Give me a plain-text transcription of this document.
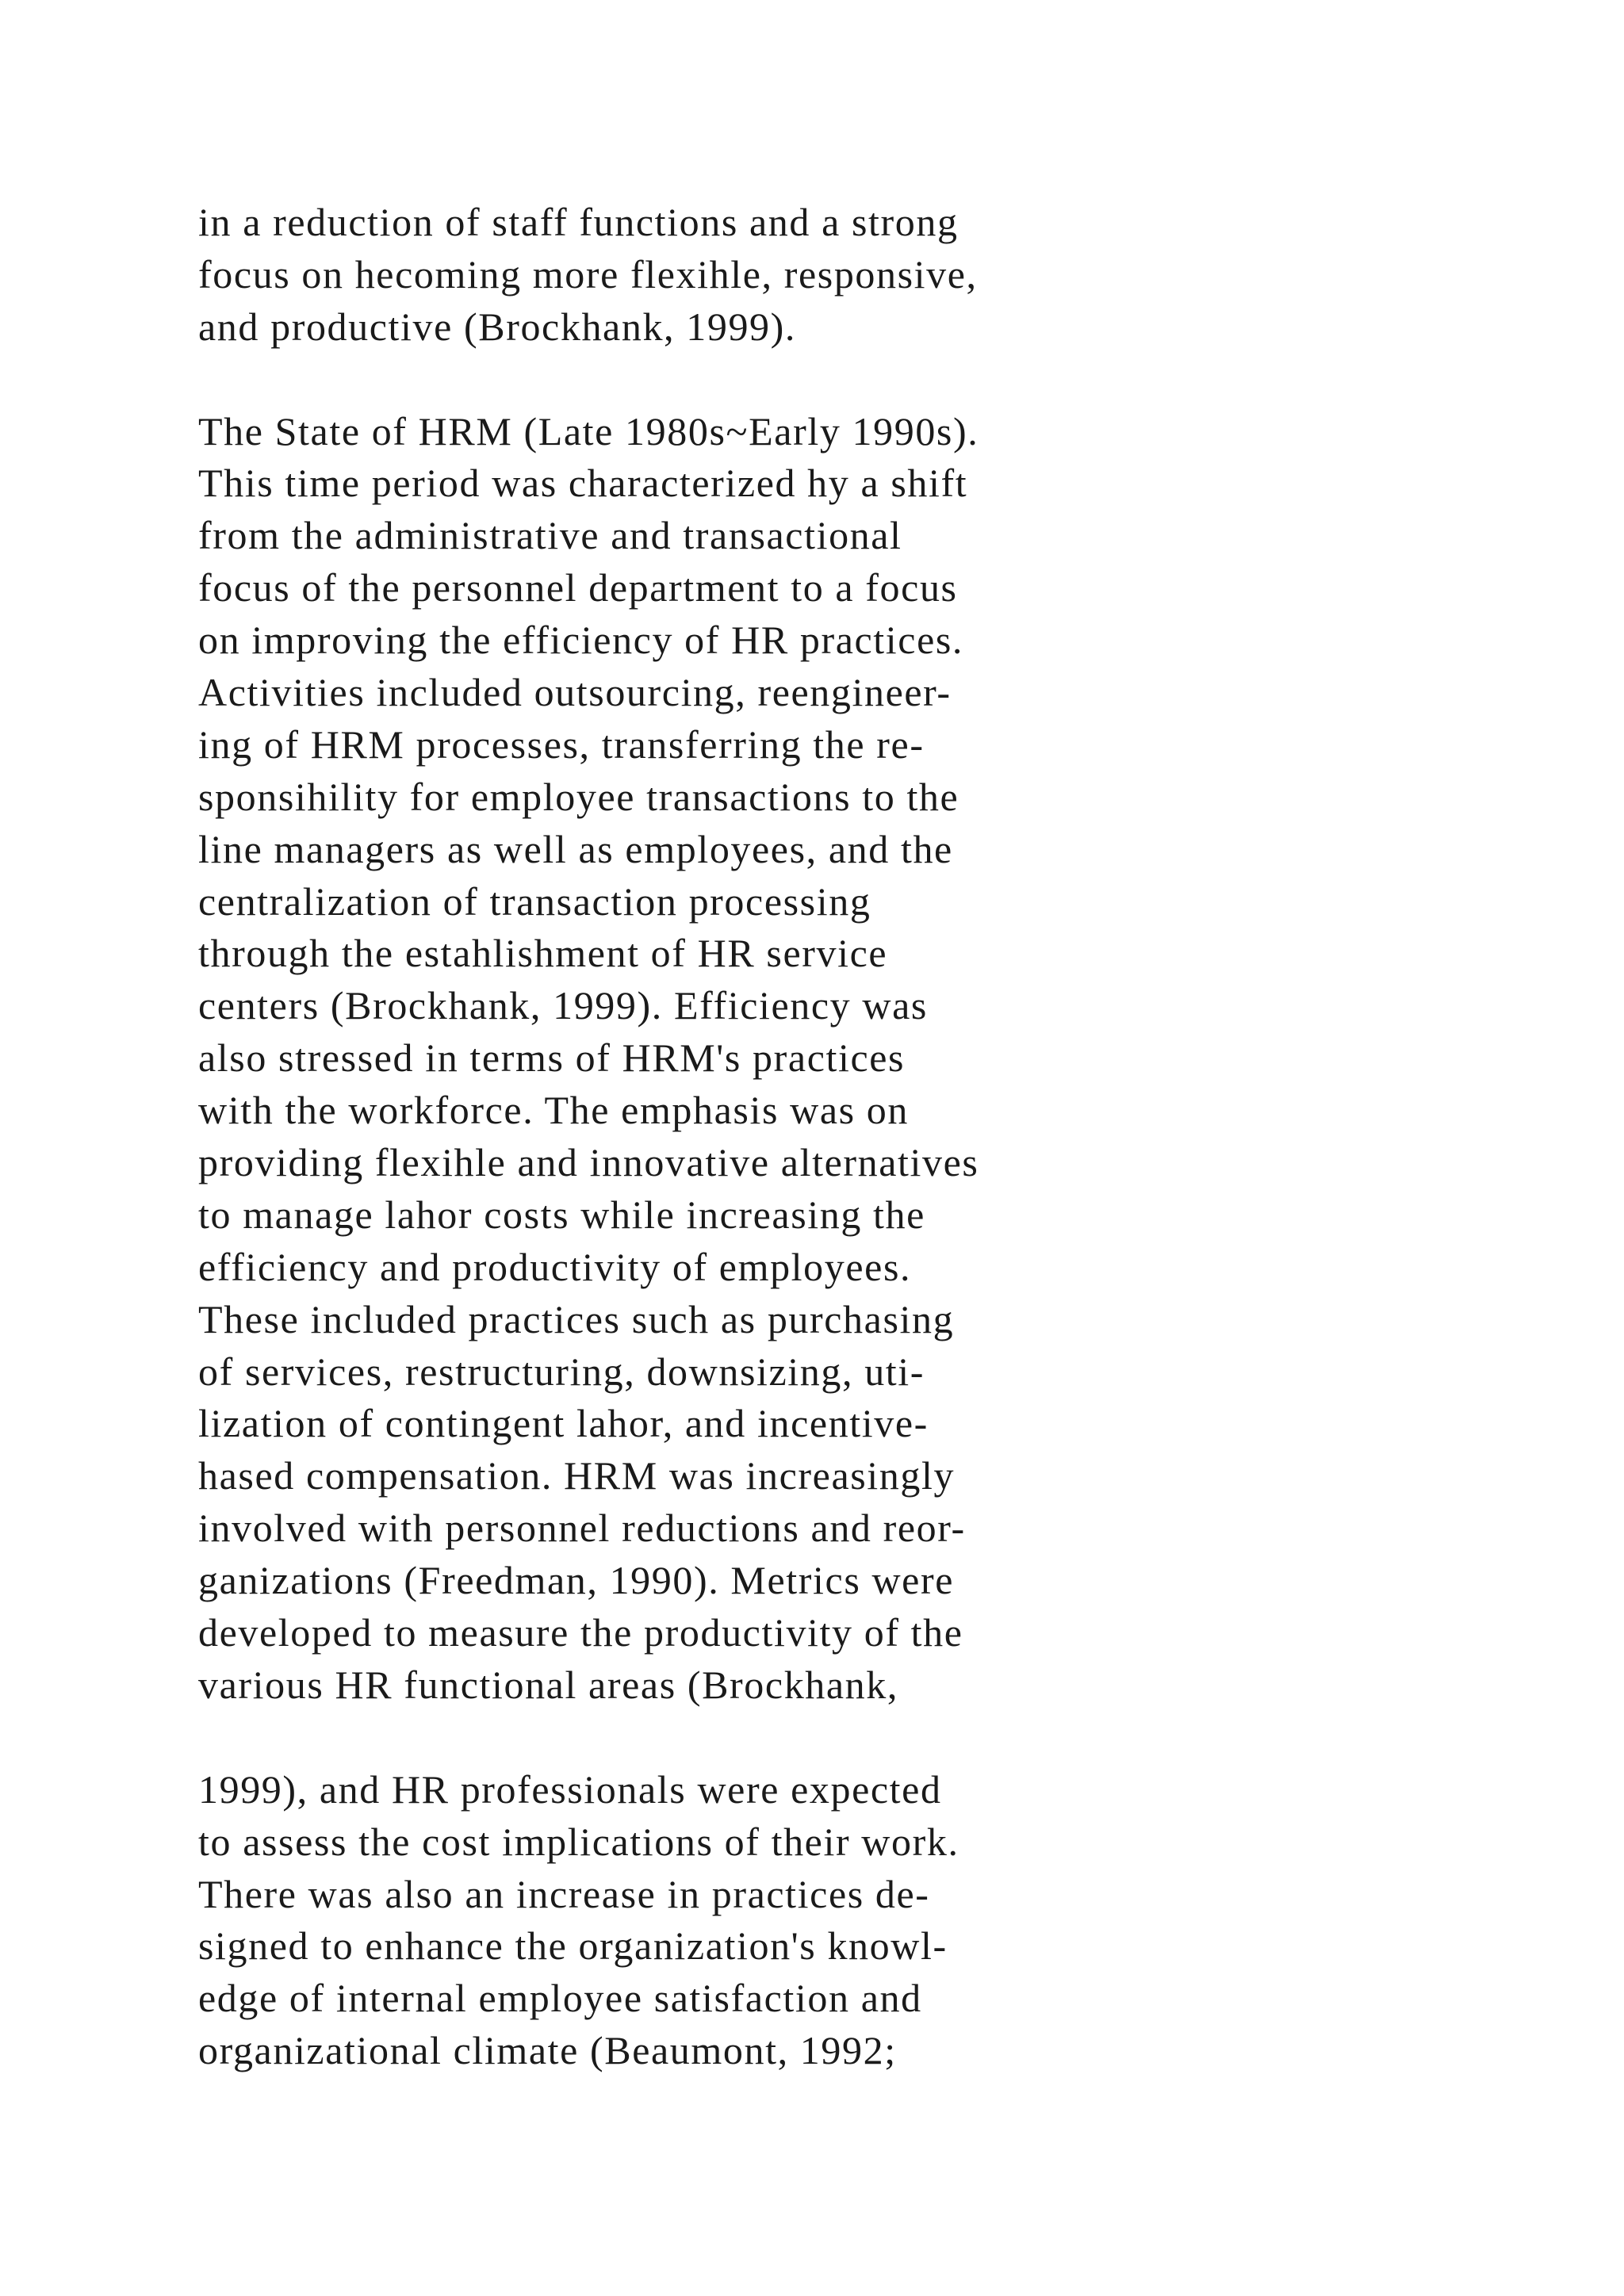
in a reduction of staff functions and a strong
focus on hecoming more flexihle, responsive,
and productive (Brockhank, 1999).
The State of HRM (Late 1980s~Early 1990s).
This time period was characterized hy a shift
from the administrative and transactional
focus of the personnel department to a focus
on improving the efficiency of HR practices.
Activities included outsourcing, reengineer-
ing of HRM processes, transferring the re-
sponsihility for employee transactions to the
line managers as well as employees, and the
centralization of transaction processing
through the estahlishment of HR service
centers (Brockhank, 1999). Efficiency was
also stressed in terms of HRM's practices
with the workforce. The emphasis was on
providing flexihle and innovative alternatives
to manage lahor costs while increasing the
efficiency and productivity of employees.
These included practices such as purchasing
of services, restructuring, downsizing, uti-
lization of contingent lahor, and incentive-
hased compensation. HRM was increasingly
involved with personnel reductions and reor-
ganizations (Freedman, 1990). Metrics were
developed to measure the productivity of the
various HR functional areas (Brockhank,
1999), and HR professionals were expected
to assess the cost implications of their work.
There was also an increase in practices de-
signed to enhance the organization's knowl-
edge of internal employee satisfaction and
organizational climate (Beaumont, 1992;
